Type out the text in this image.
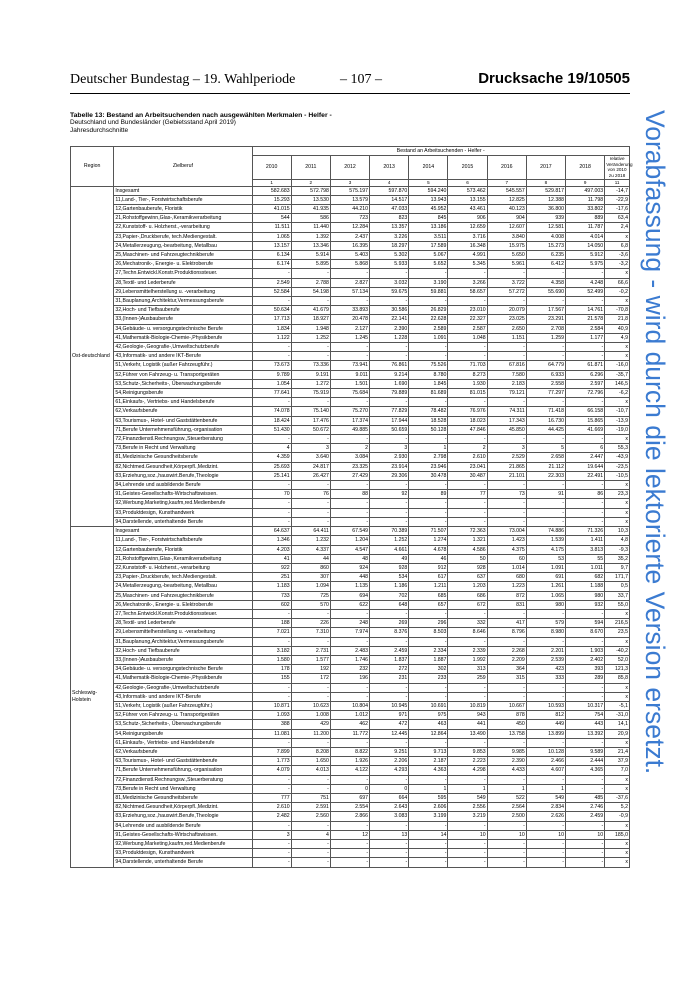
Deutscher Bundestag – 19. Wahlperiode	– 107 –	Drucksache 19/10505
Tabelle 13: Bestand an Arbeitsuchenden nach ausgewählten Merkmalen - Helfer -
Deutschland und Bundesländer (Gebietsstand April 2019)
Jahresdurchschnitte	Vorabfassung - wird durch die lektorierte Version ersetzt.
Region	Zielberuf	Bestand an Arbeitsuchenden - Helfer -									
		2010	2011	2012	2013	2014	2015	2016	2017	2018	relative Veränderung von 2010 zu 2018
		1	2	3	4	5	6	7	8	9	11
Ost-deutschland	Insgesamt	582.683	572.798	575.197	597.870	594.240	573.462	545.557	529.817	497.003	-14,7
	11,Land-, Tier-, Forstwirtschaftsberufe	15.293	13.530	13.579	14.517	13.943	13.155	12.825	12.388	11.798	-22,9
	12,Gartenbauberufe, Floristik	41.015	41.935	44.210	47.033	45.952	43.461	40.123	36.800	33.802	-17,6
	21,Rohstoffgewinn,Glas-,Keramikverarbeitung	544	586	723	823	845	906	904	939	889	63,4
	22,Kunststoff- u. Holzherst.,-verarbeitung	11.511	11.440	12.284	13.357	13.186	12.659	12.607	12.581	11.787	2,4
	23,Papier-,Druckberufe, tech.Mediengestalt.	1.065	1.392	2.437	3.226	3.511	3.716	3.840	4.008	4.014	x
	24,Metallerzeugung,-bearbeitung, Metallbau	13.157	13.346	16.395	18.297	17.589	16.348	15.975	15.273	14.050	6,8
	25,Maschinen- und Fahrzeugtechnikberufe	6.134	5.914	5.403	5.302	5.067	4.991	5.650	6.235	5.912	-3,6
	26,Mechatronik-, Energie- u. Elektroberufe	6.174	5.895	5.868	5.933	5.652	5.345	5.961	6.412	5.975	-3,2
	27,Techn.Entwickl.Konstr.Produktionssteuer.	-	-	-	-	-	-	-	-	-	x
	28,Textil- und Lederberufe	2.549	2.788	2.827	3.032	3.190	3.266	3.722	4.358	4.248	66,6
	29,Lebensmittelherstellung u. -verarbeitung	52.584	54.198	57.134	59.675	59.881	58.657	57.272	55.690	52.499	-0,2
	31,Bauplanung,Architektur,Vermessungsberufe	-	-	-	-	-	-	-	-	-	x
	32,Hoch- und Tiefbauberufe	50.634	41.679	33.893	30.586	26.829	23.010	20.079	17.567	14.761	-70,8
	33,(Innen-)Ausbauberufe	17.713	18.927	20.478	22.141	22.628	22.327	23.025	23.291	21.578	21,8
	34,Gebäude- u. versorgungstechnische Berufe	1.834	1.948	2.127	2.390	2.589	2.587	2.650	2.708	2.584	40,9
	41,Mathematik-Biologie-Chemie-,Physikberufe	1.122	1.252	1.245	1.228	1.091	1.048	1.151	1.259	1.177	4,9
	42,Geologie-,Geografie-,Umweltschutzberufe	-	-	-	-	-	-	-	-	-	x
	43,Informatik- und andere IKT-Berufe	-	-	-	-	-	-	-	-	-	x
	51,Verkehr, Logistik (außer Fahrzeugführ.)	73.673	73.336	73.941	76.861	75.526	71.703	67.816	64.779	61.871	-16,0
	52,Führer von Fahrzeug- u. Transportgeräten	9.789	9.191	9.011	9.214	8.780	8.273	7.580	6.933	6.296	-35,7
	53,Schutz-,Sicherheits-, Überwachungsberufe	1.054	1.272	1.501	1.690	1.845	1.930	2.183	2.558	2.597	146,5
	54,Reinigungsberufe	77.641	75.919	75.684	79.889	81.689	81.015	79.121	77.297	72.796	-6,2
	61,Einkaufs-, Vertriebs- und Handelsberufe	-	-	-	-	-	-	-	-	-	x
	62,Verkaufsberufe	74.078	75.140	75.270	77.829	78.482	76.976	74.311	71.418	66.158	-10,7
	63,Tourismus-, Hotel- und Gaststättenberufe	18.424	17.476	17.374	17.944	18.528	18.023	17.343	16.730	15.865	-13,9
	71,Berufe Unternehmensführung,-organisation	51.430	50.672	49.885	50.659	50.128	47.846	45.850	44.425	41.669	-19,0
	72,Finanzdienstl.Rechnungsw.,Steuerberatung	-	-	-	-	-	-	-	-	-	x
	73,Berufe in Recht und Verwaltung	4	3	2	3	1	2	3	5	6	55,3
	81,Medizinische Gesundheitsberufe	4.359	3.640	3.084	2.930	2.798	2.610	2.529	2.658	2.447	-43,9
	82,Nichtmed.Gesundheit,Körperpfl.,Medizint.	25.693	24.817	23.325	23.914	23.946	23.041	21.865	21.112	19.644	-23,5
	83,Erziehung,soz.,hauswirt.Berufe,Theologie	25.141	26.427	27.429	29.306	30.478	30.487	21.101	22.303	22.491	-10,5
	84,Lehrende und ausbildende Berufe	-	-	-	-	-	-	-	-	-	x
	91,Geistes-Gesellschafts-Wirtschaftswissen.	70	76	88	92	89	77	73	91	86	23,3
	92,Werbung,Marketing,kaufm,red.Medienberufe	-	-	-	-	-	-	-	-	-	x
	93,Produktdesign, Kunsthandwerk	-	-	-	-	-	-	-	-	-	x
	94,Darstellende, unterhaltende Berufe	-	-	-	-	-	-	-	-	-	x
Schleswig-Holstein	Insgesamt	64.637	64.411	67.549	70.389	71.507	72.363	73.004	74.886	71.326	10,3
	11,Land-, Tier-, Forstwirtschaftsberufe	1.346	1.232	1.204	1.252	1.274	1.321	1.423	1.539	1.411	4,8
	12,Gartenbauberufe, Floristik	4.203	4.337	4.547	4.661	4.678	4.586	4.375	4.175	3.813	-9,3
	21,Rohstoffgewinn,Glas-,Keramikverarbeitung	41	44	48	49	46	50	60	53	55	35,2
	22,Kunststoff- u. Holzherst.,-verarbeitung	922	860	924	928	912	928	1.014	1.091	1.011	9,7
	23,Papier-,Druckberufe, tech.Mediengestalt.	251	307	448	534	617	637	680	691	682	171,7
	24,Metallerzeugung,-bearbeitung, Metallbau	1.183	1.094	1.135	1.186	1.211	1.203	1.223	1.261	1.188	0,5
	25,Maschinen- und Fahrzeugtechnikberufe	733	725	694	702	685	686	872	1.065	980	33,7
	26,Mechatronik-, Energie- u. Elektroberufe	602	570	622	648	657	672	831	980	932	55,0
	27,Techn.Entwickl.Konstr.Produktionssteuer.	-	-	-	-	-	-	-	-	-	x
	28,Textil- und Lederberufe	188	226	248	269	296	332	417	579	594	216,5
	29,Lebensmittelherstellung u. -verarbeitung	7.021	7.310	7.974	8.376	8.503	8.646	8.796	8.980	8.670	23,5
	31,Bauplanung,Architektur,Vermessungsberufe	-	-	-	-	-	-	-	-	-	x
	32,Hoch- und Tiefbauberufe	3.182	2.731	2.483	2.459	2.334	2.339	2.268	2.201	1.903	-40,2
	33,(Innen-)Ausbauberufe	1.580	1.577	1.746	1.837	1.887	1.992	2.209	2.539	2.402	52,0
	34,Gebäude- u. versorgungstechnische Berufe	178	192	232	272	302	313	364	423	393	121,3
	41,Mathematik-Biologie-Chemie-,Physikberufe	155	172	196	231	233	259	315	333	289	85,8
	42,Geologie-,Geografie-,Umweltschutzberufe	-	-	-	-	-	-	-	-	-	x
	43,Informatik- und andere IKT-Berufe	-	-	-	-	-	-	-	-	-	x
	51,Verkehr, Logistik (außer Fahrzeugführ.)	10.871	10.623	10.804	10.945	10.691	10.819	10.667	10.593	10.317	-5,1
	52,Führer von Fahrzeug- u. Transportgeräten	1.093	1.008	1.012	971	975	943	878	812	754	-31,0
	53,Schutz-,Sicherheits-, Überwachungsberufe	388	429	462	472	463	441	450	449	443	14,1
	54,Reinigungsberufe	11.081	11.200	11.772	12.445	12.864	13.490	13.758	13.899	13.392	20,9
	61,Einkaufs-, Vertriebs- und Handelsberufe	-	-	-	-	-	-	-	-	-	x
	62,Verkaufsberufe	7.899	8.208	8.822	9.251	9.713	9.853	9.985	10.128	9.589	21,4
	63,Tourismus-, Hotel- und Gaststättenberufe	1.773	1.650	1.926	2.206	2.187	2.223	2.390	2.466	2.444	37,9
	71,Berufe Unternehmensführung,-organisation	4.079	4.013	4.122	4.293	4.363	4.298	4.433	4.607	4.365	7,0
	72,Finanzdienstl.Rechnungsw.,Steuerberatung	-	-	-	-	-	-	-	-	-	x
	73,Berufe in Recht und Verwaltung	-	-	0	0	1	1	1	1	-	x
	81,Medizinische Gesundheitsberufe	777	751	697	664	595	549	522	549	485	-37,6
	82,Nichtmed.Gesundheit,Körperpfl.,Medizint.	2.610	2.591	2.554	2.643	2.606	2.556	2.564	2.834	2.746	5,2
	83,Erziehung,soz.,hauswirt.Berufe,Theologie	2.482	2.560	2.866	3.083	3.199	3.219	2.500	2.626	2.459	-0,9
	84,Lehrende und ausbildende Berufe	-	-	-	-	-	-	-	-	-	x
	91,Geistes-Gesellschafts-Wirtschaftswissen.	3	4	12	13	14	10	10	10	10	185,0
	92,Werbung,Marketing,kaufm,red.Medienberufe	-	-	-	-	-	-	-	-	-	x
	93,Produktdesign, Kunsthandwerk	-	-	-	-	-	-	-	-	-	x
	94,Darstellende, unterhaltende Berufe	-	-	-	-	-	-	-	-	-	x
